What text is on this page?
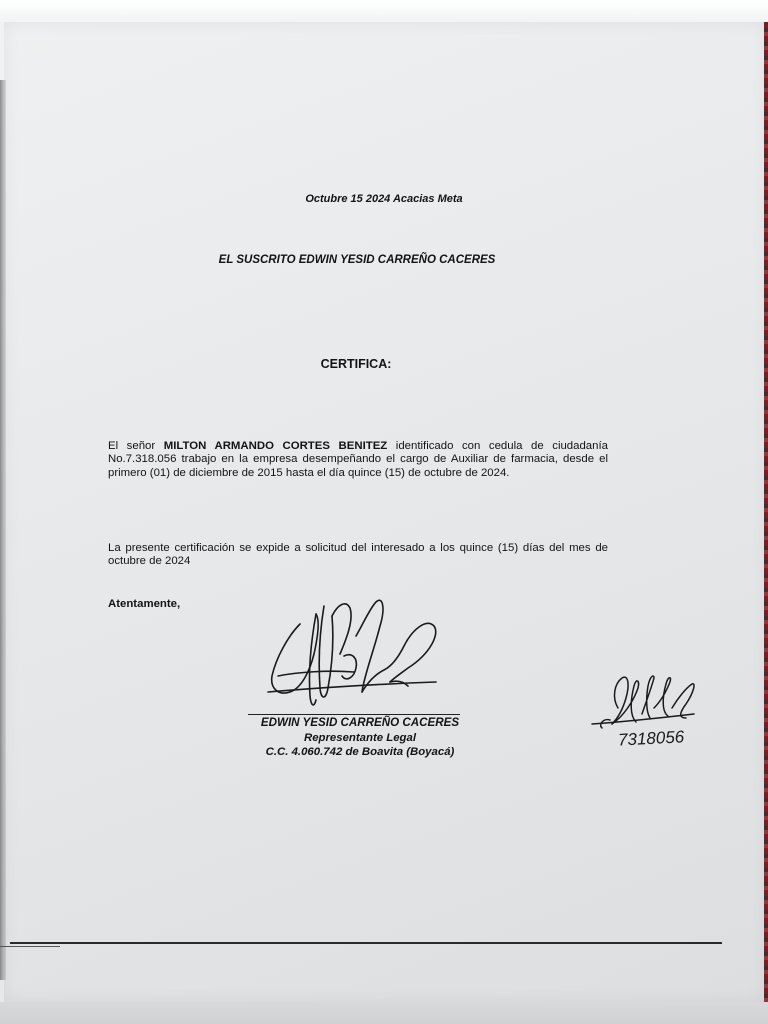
Octubre 15 2024 Acacias Meta
EL SUSCRITO EDWIN YESID CARREÑO CACERES
CERTIFICA:
El señor MILTON ARMANDO CORTES BENITEZ identificado con cedula de ciudadanía No.7.318.056 trabajo en la empresa desempeñando el cargo de Auxiliar de farmacia, desde el primero (01) de diciembre de 2015 hasta el día quince (15) de octubre de 2024.
La presente certificación se expide a solicitud del interesado a los quince (15) días del mes de octubre de 2024
Atentamente,
EDWIN YESID CARREÑO CACERES
Representante Legal
C.C. 4.060.742 de Boavita (Boyacá)
7318056
